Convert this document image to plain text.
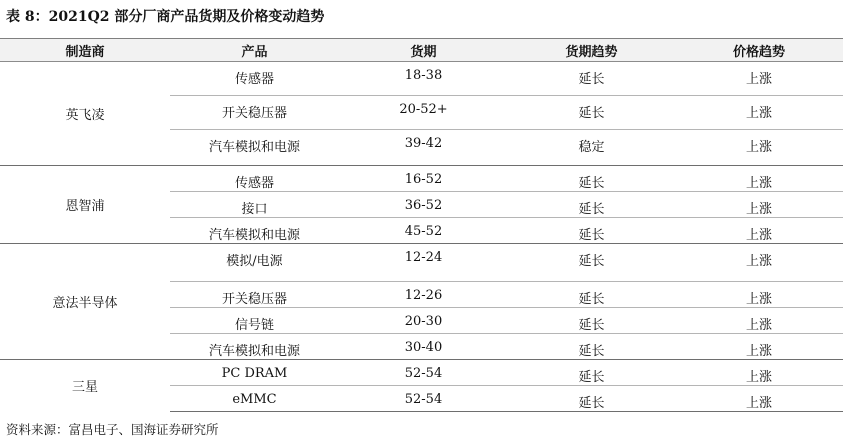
表 8：2021Q2 部分厂商产品货期及价格变动趋势
制造商	产品	货期	货期趋势	价格趋势
英飞凌	传感器	18-38	延长	上涨
	开关稳压器	20-52+	延长	上涨
	汽车模拟和电源	39-42	稳定	上涨
恩智浦	传感器	16-52	延长	上涨
	接口	36-52	延长	上涨
	汽车模拟和电源	45-52	延长	上涨
意法半导体	模拟/电源	12-24	延长	上涨
	开关稳压器	12-26	延长	上涨
	信号链	20-30	延长	上涨
	汽车模拟和电源	30-40	延长	上涨
三星	PC DRAM	52-54	延长	上涨
	eMMC	52-54	延长	上涨
资料来源：富昌电子、国海证券研究所
